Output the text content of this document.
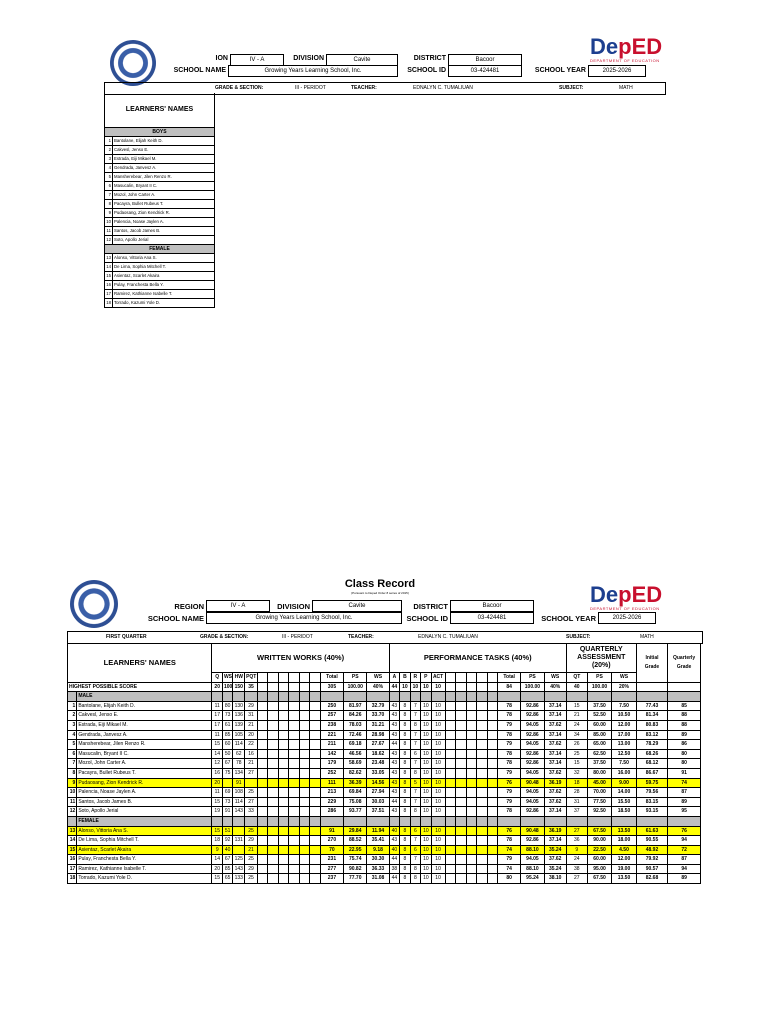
ION	IV - A	DIVISION	Cavite	DISTRICT	Bacoor
SCHOOL NAME	Growing Years Learning School, Inc.	SCHOOL ID	03-424481	SCHOOL YEAR	2025-2026
DepED
DEPARTMENT OF EDUCATION
GRADE & SECTION:	III - PERIDOT	TEACHER:	EDNALYN C. TUMALIUAN	SUBJECT:	MATH
LEARNERS' NAMES
BOYS	
1	Bantolane, Elijah Keith D.
2	Cakvesl, Jenso E.
3	Estrada, Eiji Mikael M.
4	Gendrada, Janvesz A.
5	Mansherebear, Jilen Renzo R.
6	Masucalin, Bryant II C.
7	Mozol, John Carter A.
8	Pacayra, Bullet Rubeus T.
9	Pudaosang, Zion Kendrick R.
10	Palencia, Noase Jaylen A.
11	Santos, Jacob James B.
12	Soto, Apollo Jerial
FEMALE	
13	Alonso, Vittoria Ana S.
14	De Lima, Sophia Mitchell T.
15	Asientaz, Scarlet Akaira
16	Pulay, Franchesta Bella Y.
17	Ramirez, Kathianne Isabelle T.
18	Torrado, Kazumi Yole D.
Class Record
(Pursuant to Deped Order 8 series of 2015)
REGION	IV - A	DIVISION	Cavite	DISTRICT	Bacoor
SCHOOL NAME	Growing Years Learning School, Inc.	SCHOOL ID	03-424481	SCHOOL YEAR	2025-2026
DepED
DEPARTMENT OF EDUCATION
FIRST QUARTER	GRADE & SECTION:	III - PERIDOT	TEACHER:	EDNALYN C. TUMALIUAN	SUBJECT:	MATH
LEARNERS' NAMES		WRITTEN WORKS (40%)													PERFORMANCE TASKS (40%)													QUARTERLY ASSESSMENT (20%)			Initial Grade	Quarterly Grade
		Q	WS	HW	PQT							Total	PS	WS	A	B	R	P	ACT						Total	PS	WS	QT	PS	WS		
HIGHEST POSSIBLE SCORE		20	100	150	35							305	100.00	40%	44	10	10	10	10						84	100.00	40%	40	100.00	20%		
	MALE																															
1	Bantolane, Elijah Keith D.	11	80	130	29							250	81.97	32.79	43	8	7	10	10						78	92.86	37.14	15	37.50	7.50	77.43	85
2	Cakvesl, Jenso E.	17	73	136	31							257	84.26	33.70	43	8	7	10	10						78	92.86	37.14	21	52.50	10.50	81.34	88
3	Estrada, Eiji Mikael M.	17	61	139	21							238	78.03	31.21	43	8	8	10	10						79	94.05	37.62	24	60.00	12.00	80.83	88
4	Gendrada, Janvesz A.	11	85	105	20							221	72.46	28.98	43	8	7	10	10						78	92.86	37.14	34	85.00	17.00	83.12	89
5	Mansherebear, Jilen Renzo R.	15	60	114	22							211	69.18	27.67	44	8	7	10	10						79	94.05	37.62	26	65.00	13.00	78.29	86
6	Masucalin, Bryant II C.	14	50	62	16							142	46.56	18.62	43	8	6	10	10						78	92.86	37.14	25	62.50	12.50	68.26	80
7	Mozol, John Carter A.	12	67	78	21							179	58.69	23.48	43	8	7	10	10						78	92.86	37.14	15	37.50	7.50	68.12	80
8	Pacayra, Bullet Rubeus T.	16	75	134	27							252	82.62	33.05	43	8	8	10	10						79	94.05	37.62	32	80.00	16.00	86.67	91
9	Pudaosang, Zion Kendrick R.	20		91								111	36.39	14.56	43	8	5	10	10						76	90.48	36.19	18	45.00	9.00	59.75	74
10	Palencia, Noase Jaylen A.	11	69	108	25							213	69.84	27.94	43	8	7	10	10						79	94.05	37.62	28	70.00	14.00	79.56	87
11	Santos, Jacob James B.	15	73	114	27							229	75.08	30.03	44	8	7	10	10						79	94.05	37.62	31	77.50	15.50	83.15	89
12	Soto, Apollo Jerial	19	91	143	33							286	93.77	37.51	43	8	8	10	10						78	92.86	37.14	37	92.50	18.50	93.15	95
	FEMALE																															
13	Alonso, Vittoria Ana S.	15	51		25							91	29.84	11.94	40	8	6	10	10						76	90.48	36.19	27	67.50	13.50	61.63	76
14	De Lima, Sophia Mitchell T.	18	92	131	29							270	88.52	35.41	43	8	7	10	10						78	92.86	37.14	36	90.00	18.00	90.55	94
15	Asientaz, Scarlet Akaira	9	40		21							70	22.95	9.18	40	8	6	10	10						74	88.10	35.24	9	22.50	4.50	48.92	72
16	Pulay, Franchesta Bella Y.	14	67	125	25							231	75.74	30.30	44	8	7	10	10						79	94.05	37.62	24	60.00	12.00	79.92	87
17	Ramirez, Kathianne Isabelle T.	20	85	143	29							277	90.82	36.33	38	8	8	10	10						74	88.10	35.24	38	95.00	19.00	90.57	94
18	Torrado, Kazumi Yole D.	15	65	133	25							237	77.70	31.08	44	8	8	10	10						80	95.24	38.10	27	67.50	13.50	82.68	89
